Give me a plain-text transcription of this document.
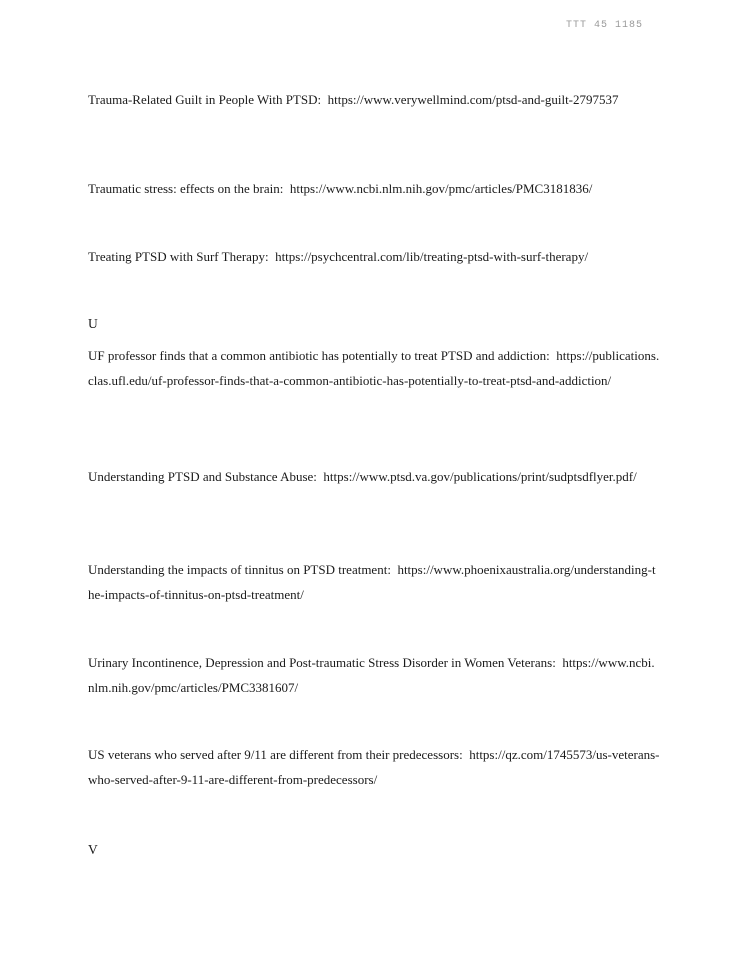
TTT 45 1185
Trauma-Related Guilt in People With PTSD: https://www.verywellmind.com/ptsd-and-guilt-2797537
Traumatic stress: effects on the brain: https://www.ncbi.nlm.nih.gov/pmc/articles/PMC3181836/
Treating PTSD with Surf Therapy: https://psychcentral.com/lib/treating-ptsd-with-surf-therapy/
U
UF professor finds that a common antibiotic has potentially to treat PTSD and addiction: https://publications.clas.ufl.edu/uf-professor-finds-that-a-common-antibiotic-has-potentially-to-treat-ptsd-and-addiction/
Understanding PTSD and Substance Abuse: https://www.ptsd.va.gov/publications/print/sudptsdflyer.pdf/
Understanding the impacts of tinnitus on PTSD treatment: https://www.phoenixaustralia.org/understanding-the-impacts-of-tinnitus-on-ptsd-treatment/
Urinary Incontinence, Depression and Post-traumatic Stress Disorder in Women Veterans: https://www.ncbi.nlm.nih.gov/pmc/articles/PMC3381607/
US veterans who served after 9/11 are different from their predecessors: https://qz.com/1745573/us-veterans-who-served-after-9-11-are-different-from-predecessors/
V
